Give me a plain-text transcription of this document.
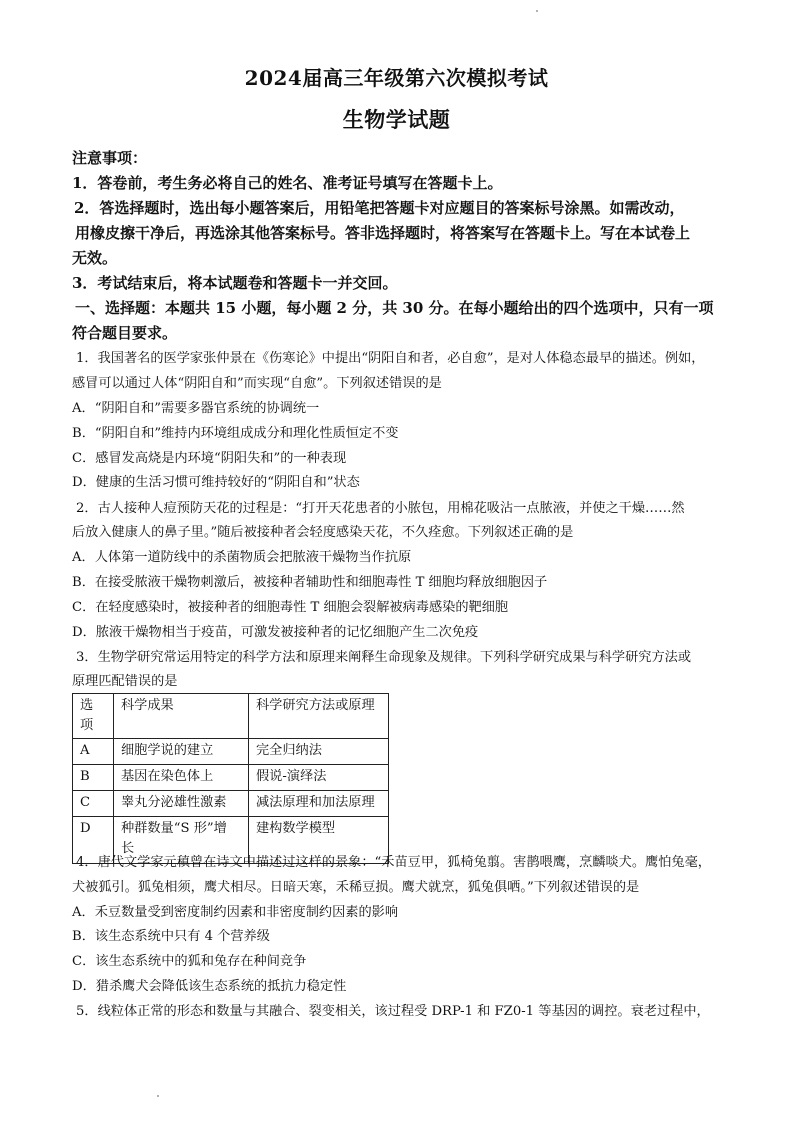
2024届高三年级第六次模拟考试
生物学试题
注意事项：
1．答卷前，考生务必将自己的姓名、准考证号填写在答题卡上。
2．答选择题时，选出每小题答案后，用铅笔把答题卡对应题目的答案标号涂黑。如需改动，
用橡皮擦干净后，再选涂其他答案标号。答非选择题时，将答案写在答题卡上。写在本试卷上
无效。
3．考试结束后，将本试题卷和答题卡一并交回。
一、选择题：本题共 15 小题，每小题 2 分，共 30 分。在每小题给出的四个选项中，只有一项
符合题目要求。
1．我国著名的医学家张仲景在《伤寒论》中提出“阴阳自和者，必自愈”，是对人体稳态最早的描述。例如，
感冒可以通过人体“阴阳自和”而实现“自愈”。下列叙述错误的是
A．“阴阳自和”需要多器官系统的协调统一
B．“阴阳自和”维持内环境组成成分和理化性质恒定不变
C．感冒发高烧是内环境“阴阳失和”的一种表现
D．健康的生活习惯可维持较好的“阴阳自和”状态
2．古人接种人痘预防天花的过程是：“打开天花患者的小脓包，用棉花吸沾一点脓液，并使之干燥……然
后放入健康人的鼻子里。”随后被接种者会轻度感染天花，不久痊愈。下列叙述正确的是
A．人体第一道防线中的杀菌物质会把脓液干燥物当作抗原
B．在接受脓液干燥物刺激后，被接种者辅助性和细胞毒性 T 细胞均释放细胞因子
C．在轻度感染时，被接种者的细胞毒性 T 细胞会裂解被病毒感染的靶细胞
D．脓液干燥物相当于疫苗，可激发被接种者的记忆细胞产生二次免疫
3．生物学研究常运用特定的科学方法和原理来阐释生命现象及规律。下列科学研究成果与科学研究方法或
原理匹配错误的是
选项	科学成果	科学研究方法或原理
A	细胞学说的建立	完全归纳法
B	基因在染色体上	假说-演绎法
C	睾丸分泌雄性激素	减法原理和加法原理
D	种群数量“S 形”增长	建构数学模型
4．唐代文学家元稹曾在诗文中描述过这样的景象：“禾苗豆甲，狐椅兔翦。害鹊喂鹰，烹麟啖犬。鹰怕兔毫，
犬被狐引。狐兔相须，鹰犬相尽。日暗天寒，禾稀豆损。鹰犬就烹，狐兔俱哂。”下列叙述错误的是
A．禾豆数量受到密度制约因素和非密度制约因素的影响
B．该生态系统中只有 4 个营养级
C．该生态系统中的狐和兔存在种间竞争
D．猎杀鹰犬会降低该生态系统的抵抗力稳定性
5．线粒体正常的形态和数量与其融合、裂变相关，该过程受 DRP-1 和 FZ0-1 等基因的调控。衰老过程中，
